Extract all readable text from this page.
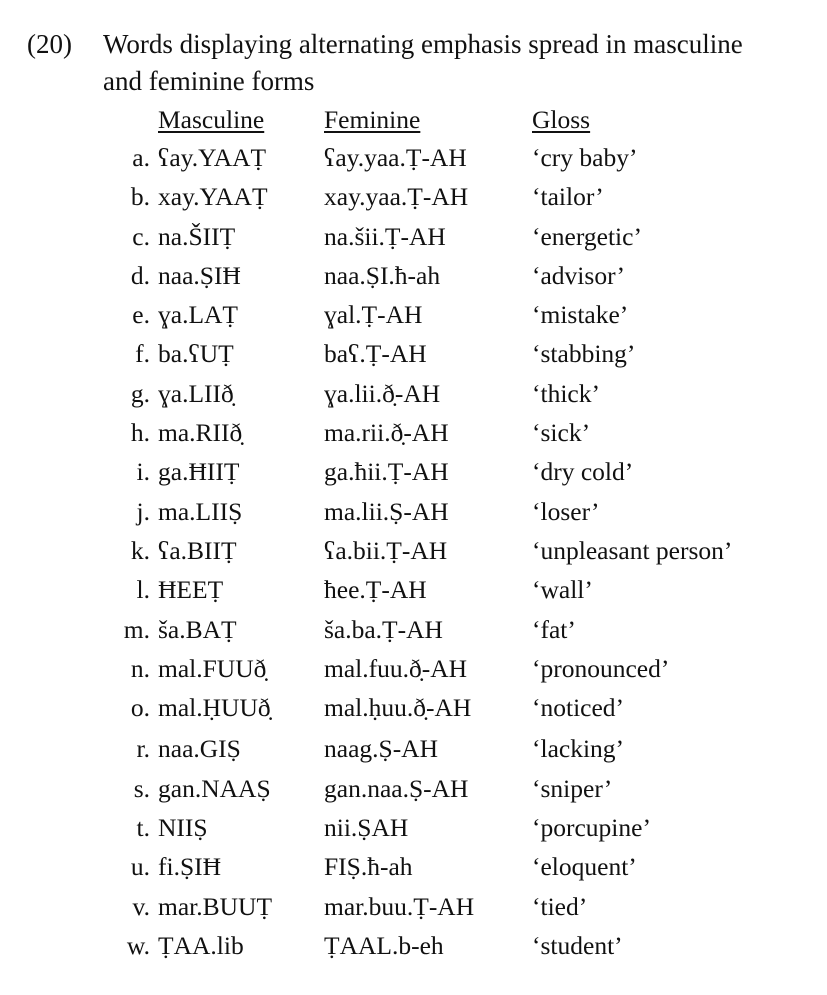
(20) Words displaying alternating emphasis spread in masculine
and feminine forms
Masculine Feminine	Gloss
a. ʕay.YAAṬ ʕay.yaa.Ṭ-AH	‘cry baby’
b. xay.YAAṬ xay.yaa.Ṭ-AH	‘tailor’
c. na.ŠIIṬ	na.šii.Ṭ-AH	‘energetic’
d. naa.ṢIĦ	naa.ṢI.ħ-ah	‘advisor’
e. ɣa.LAṬ	ɣal.Ṭ-AH	‘mistake’
f. ba.ʕUṬ	baʕ.Ṭ-AH	‘stabbing’
g. ɣa.LIIð̣	ɣa.lii.ð̣-AH	‘thick’
h. ma.RIIð̣	ma.rii.ð̣-AH	‘sick’
i. ga.ĦIIṬ	ga.ħii.Ṭ-AH	‘dry cold’
j. ma.LIIṢ	ma.lii.Ṣ-AH	‘loser’
k. ʕa.BIIṬ	ʕa.bii.Ṭ-AH	‘unpleasant person’
l. ĦEEṬ	ħee.Ṭ-AH	‘wall’
m. ša.BAṬ	ša.ba.Ṭ-AH	‘fat’
n. mal.FUUð̣ mal.fuu.ð̣-AH	‘pronounced’
o. mal.ḤUUð̣ mal.ḥuu.ð̣-AH ‘noticed’
r. naa.GIṢ	naag.Ṣ-AH	‘lacking’
s. gan.NAAṢ gan.naa.Ṣ-AH ‘sniper’
t. NIIṢ	nii.ṢAH	‘porcupine’
u. fi.ṢIĦ	FIṢ.ħ-ah	‘eloquent’
v. mar.BUUṬ mar.buu.Ṭ-AH ‘tied’
w. ṬAA.lib	ṬAAL.b-eh	‘student’
